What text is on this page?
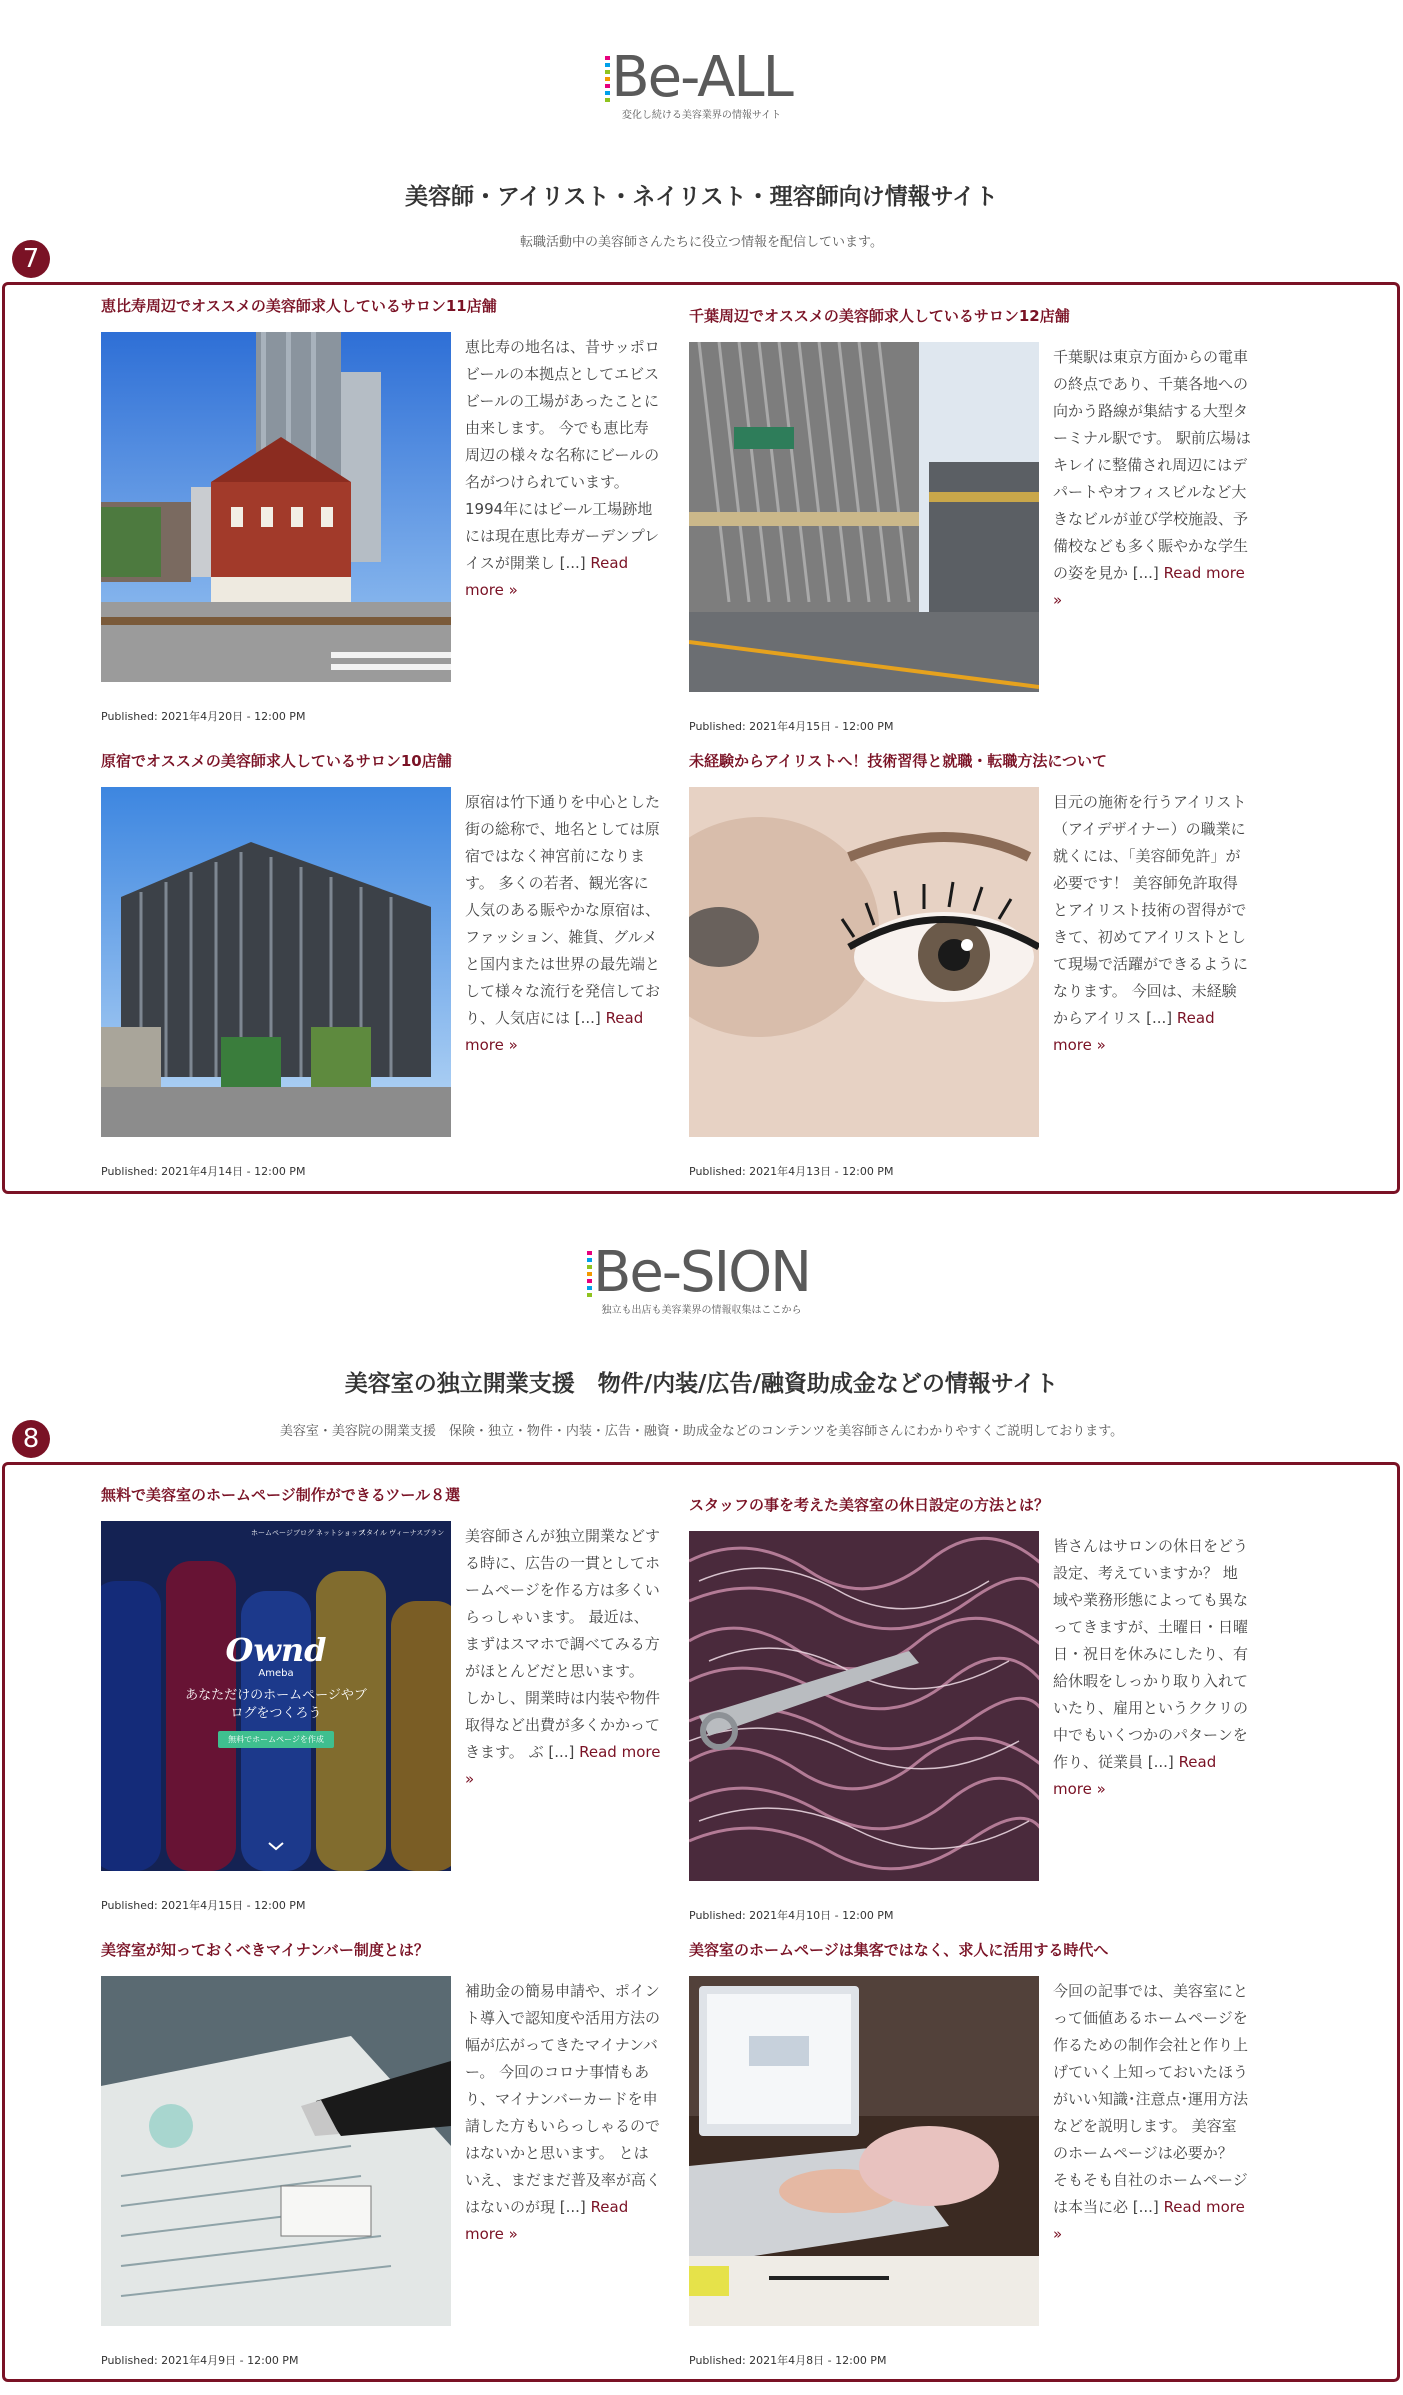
Be-ALL
変化し続ける美容業界の情報サイト
美容師・アイリスト・ネイリスト・理容師向け情報サイト
転職活動中の美容師さんたちに役立つ情報を配信しています。
7
恵比寿周辺でオススメの美容師求人しているサロン11店舗
恵比寿の地名は、昔サッポロビールの本拠点としてエビスビールの工場があったことに由来します。 今でも恵比寿周辺の様々な名称にビールの名がつけられています。 1994年にはビール工場跡地には現在恵比寿ガーデンプレイスが開業し [...] Read more »
Published: 2021年4月20日 - 12:00 PM
千葉周辺でオススメの美容師求人しているサロン12店舗
千葉駅は東京方面からの電車の終点であり、千葉各地への向かう路線が集結する大型ターミナル駅です。 駅前広場はキレイに整備され周辺にはデパートやオフィスビルなど大きなビルが並び学校施設、予備校なども多く賑やかな学生の姿を見か [...] Read more »
Published: 2021年4月15日 - 12:00 PM
原宿でオススメの美容師求人しているサロン10店舗
原宿は竹下通りを中心とした街の総称で、地名としては原宿ではなく神宮前になります。 多くの若者、観光客に人気のある賑やかな原宿は、ファッション、雑貨、グルメと国内または世界の最先端として様々な流行を発信しており、人気店には [...] Read more »
Published: 2021年4月14日 - 12:00 PM
未経験からアイリストへ！技術習得と就職・転職方法について
目元の施術を行うアイリスト（アイデザイナー）の職業に就くには、「美容師免許」が必要です！ 美容師免許取得とアイリスト技術の習得ができて、初めてアイリストとして現場で活躍ができるようになります。 今回は、未経験からアイリス [...] Read more »
Published: 2021年4月13日 - 12:00 PM
Be-SION
独立も出店も美容業界の情報収集はここから
美容室の独立開業支援　物件/内装/広告/融資助成金などの情報サイト
美容室・美容院の開業支援　保険・独立・物件・内装・広告・融資・助成金などのコンテンツを美容師さんにわかりやすくご説明しております。
8
無料で美容室のホームページ制作ができるツール８選
ホームページ ブログ ネットショップ
スタイル ヴィーナスプラン
Ownd
Ameba
あなただけのホームページやブログをつくろう
無料でホームページを作成
美容師さんが独立開業などする時に、広告の一貫としてホームページを作る方は多くいらっしゃいます。 最近は、まずはスマホで調べてみる方がほとんどだと思います。 しかし、開業時は内装や物件取得など出費が多くかかってきます。 ぶ [...] Read more »
Published: 2021年4月15日 - 12:00 PM
スタッフの事を考えた美容室の休日設定の方法とは？
皆さんはサロンの休日をどう設定、考えていますか？ 地域や業務形態によっても異なってきますが、土曜日・日曜日・祝日を休みにしたり、有給休暇をしっかり取り入れていたり、雇用というククリの中でもいくつかのパターンを作り、従業員 [...] Read more »
Published: 2021年4月10日 - 12:00 PM
美容室が知っておくべきマイナンバー制度とは？
補助金の簡易申請や、ポイント導入で認知度や活用方法の幅が広がってきたマイナンバー。 今回のコロナ事情もあり、マイナンバーカードを申請した方もいらっしゃるのではないかと思います。 とはいえ、まだまだ普及率が高くはないのが現 [...] Read more »
Published: 2021年4月9日 - 12:00 PM
美容室のホームページは集客ではなく、求人に活用する時代へ
今回の記事では、美容室にとって価値あるホームページを作るための制作会社と作り上げていく上知っておいたほうがいい知識･注意点･運用方法などを説明します。 美容室のホームページは必要か？ そもそも自社のホームページは本当に必 [...] Read more »
Published: 2021年4月8日 - 12:00 PM
